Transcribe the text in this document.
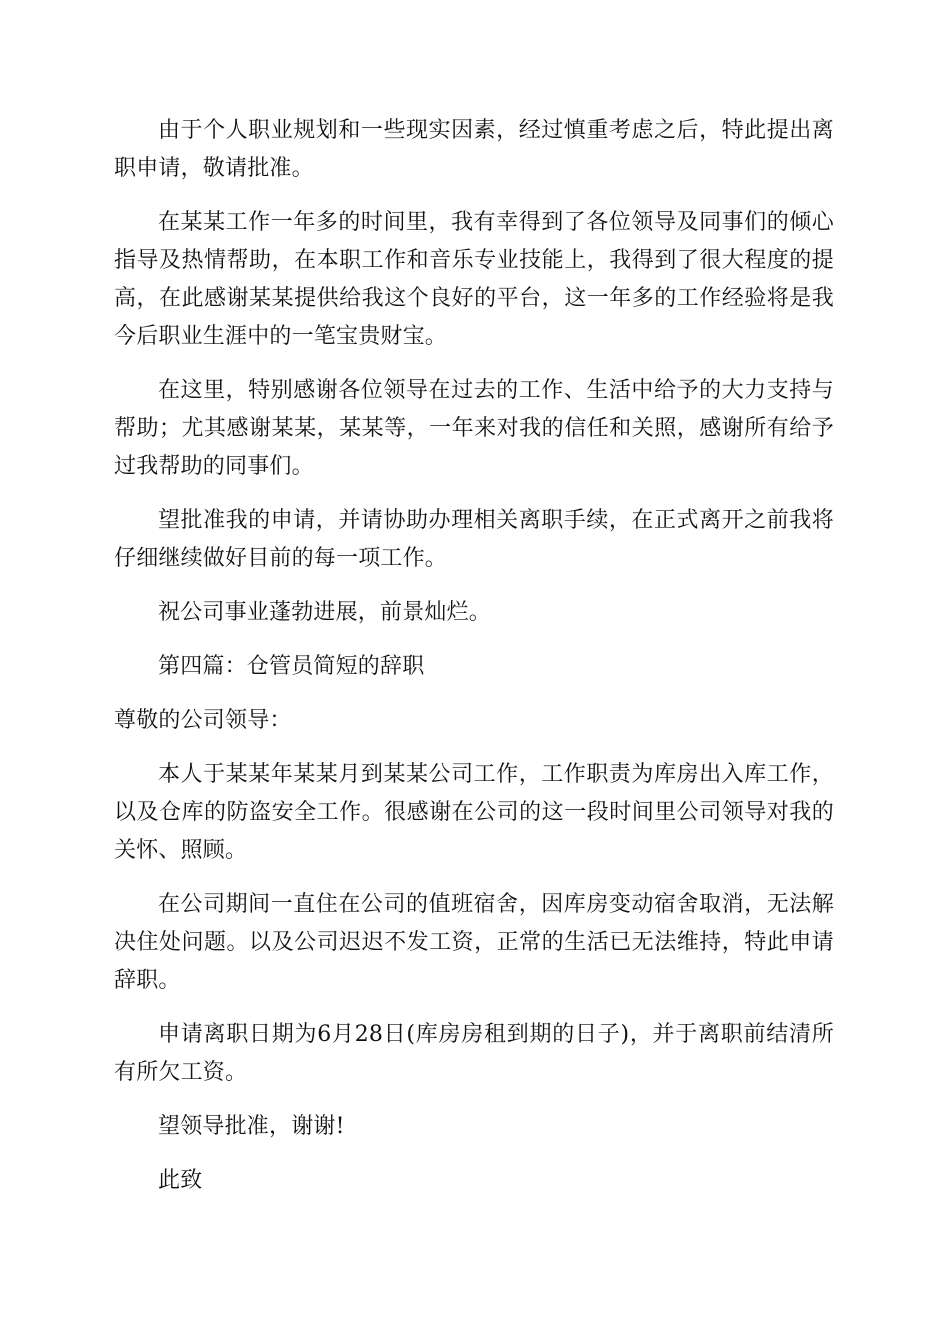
由于个人职业规划和一些现实因素，经过慎重考虑之后，特此提出离职申请，敬请批准。

在某某工作一年多的时间里，我有幸得到了各位领导及同事们的倾心指导及热情帮助，在本职工作和音乐专业技能上，我得到了很大程度的提高，在此感谢某某提供给我这个良好的平台，这一年多的工作经验将是我今后职业生涯中的一笔宝贵财宝。

在这里，特别感谢各位领导在过去的工作、生活中给予的大力支持与帮助；尤其感谢某某，某某等，一年来对我的信任和关照，感谢所有给予过我帮助的同事们。

望批准我的申请，并请协助办理相关离职手续，在正式离开之前我将仔细继续做好目前的每一项工作。

祝公司事业蓬勃进展，前景灿烂。

第四篇：仓管员简短的辞职

尊敬的公司领导：

本人于某某年某某月到某某公司工作，工作职责为库房出入库工作，以及仓库的防盗安全工作。很感谢在公司的这一段时间里公司领导对我的关怀、照顾。

在公司期间一直住在公司的值班宿舍，因库房变动宿舍取消，无法解决住处问题。以及公司迟迟不发工资，正常的生活已无法维持，特此申请辞职。

申请离职日期为6月28日(库房房租到期的日子)，并于离职前结清所有所欠工资。

望领导批准，谢谢!

此致
